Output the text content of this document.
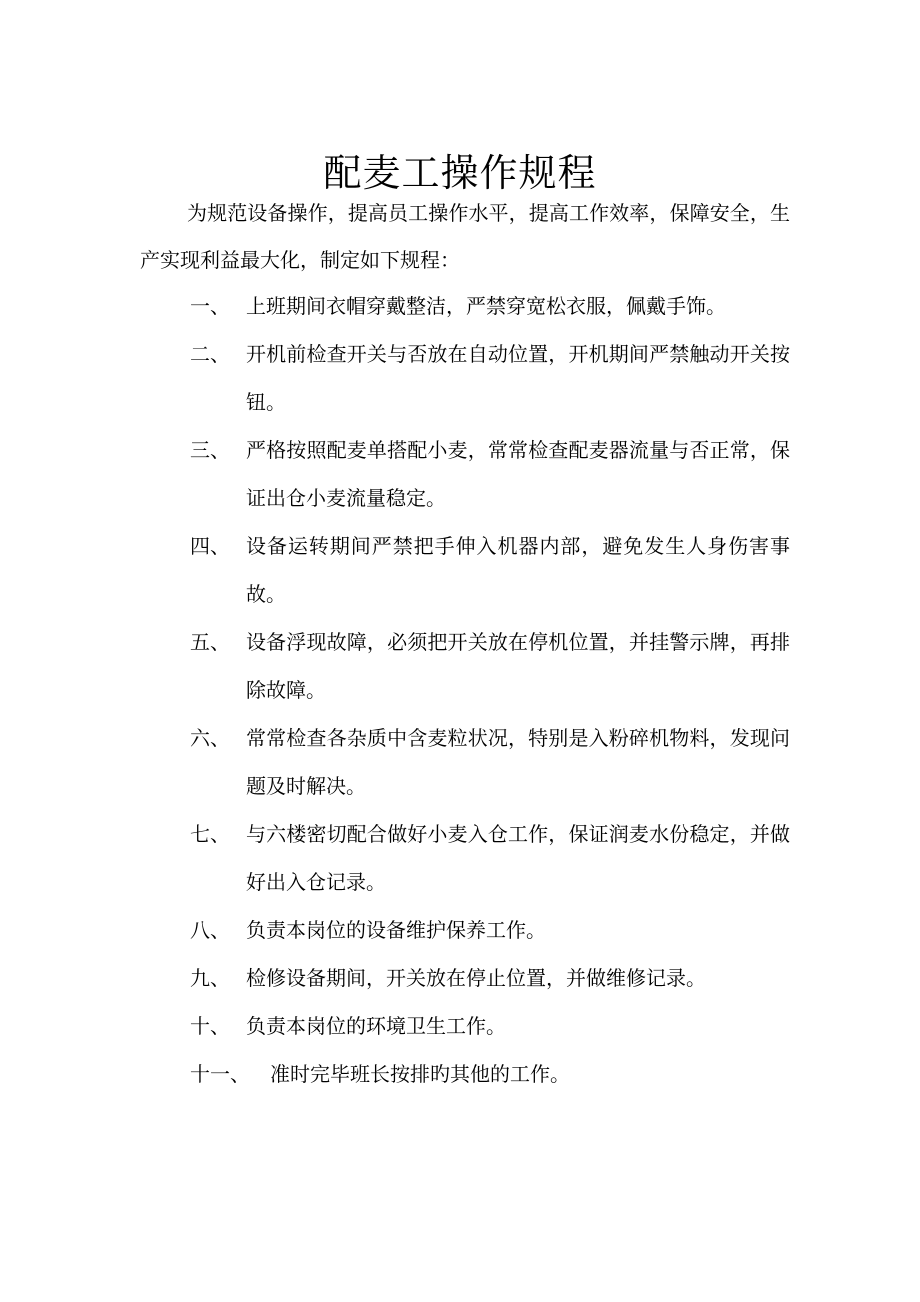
配麦工操作规程

为规范设备操作，提高员工操作水平，提高工作效率，保障安全，生产实现利益最大化，制定如下规程：

一、 上班期间衣帽穿戴整洁，严禁穿宽松衣服，佩戴手饰。
二、 开机前检查开关与否放在自动位置，开机期间严禁触动开关按钮。
三、 严格按照配麦单搭配小麦，常常检查配麦器流量与否正常，保证出仓小麦流量稳定。
四、 设备运转期间严禁把手伸入机器内部，避免发生人身伤害事故。
五、 设备浮现故障，必须把开关放在停机位置，并挂警示牌，再排除故障。
六、 常常检查各杂质中含麦粒状况，特别是入粉碎机物料，发现问题及时解决。
七、 与六楼密切配合做好小麦入仓工作，保证润麦水份稳定，并做好出入仓记录。
八、 负责本岗位的设备维护保养工作。
九、 检修设备期间，开关放在停止位置，并做维修记录。
十、 负责本岗位的环境卫生工作。
十一、	准时完毕班长按排旳其他的工作。
